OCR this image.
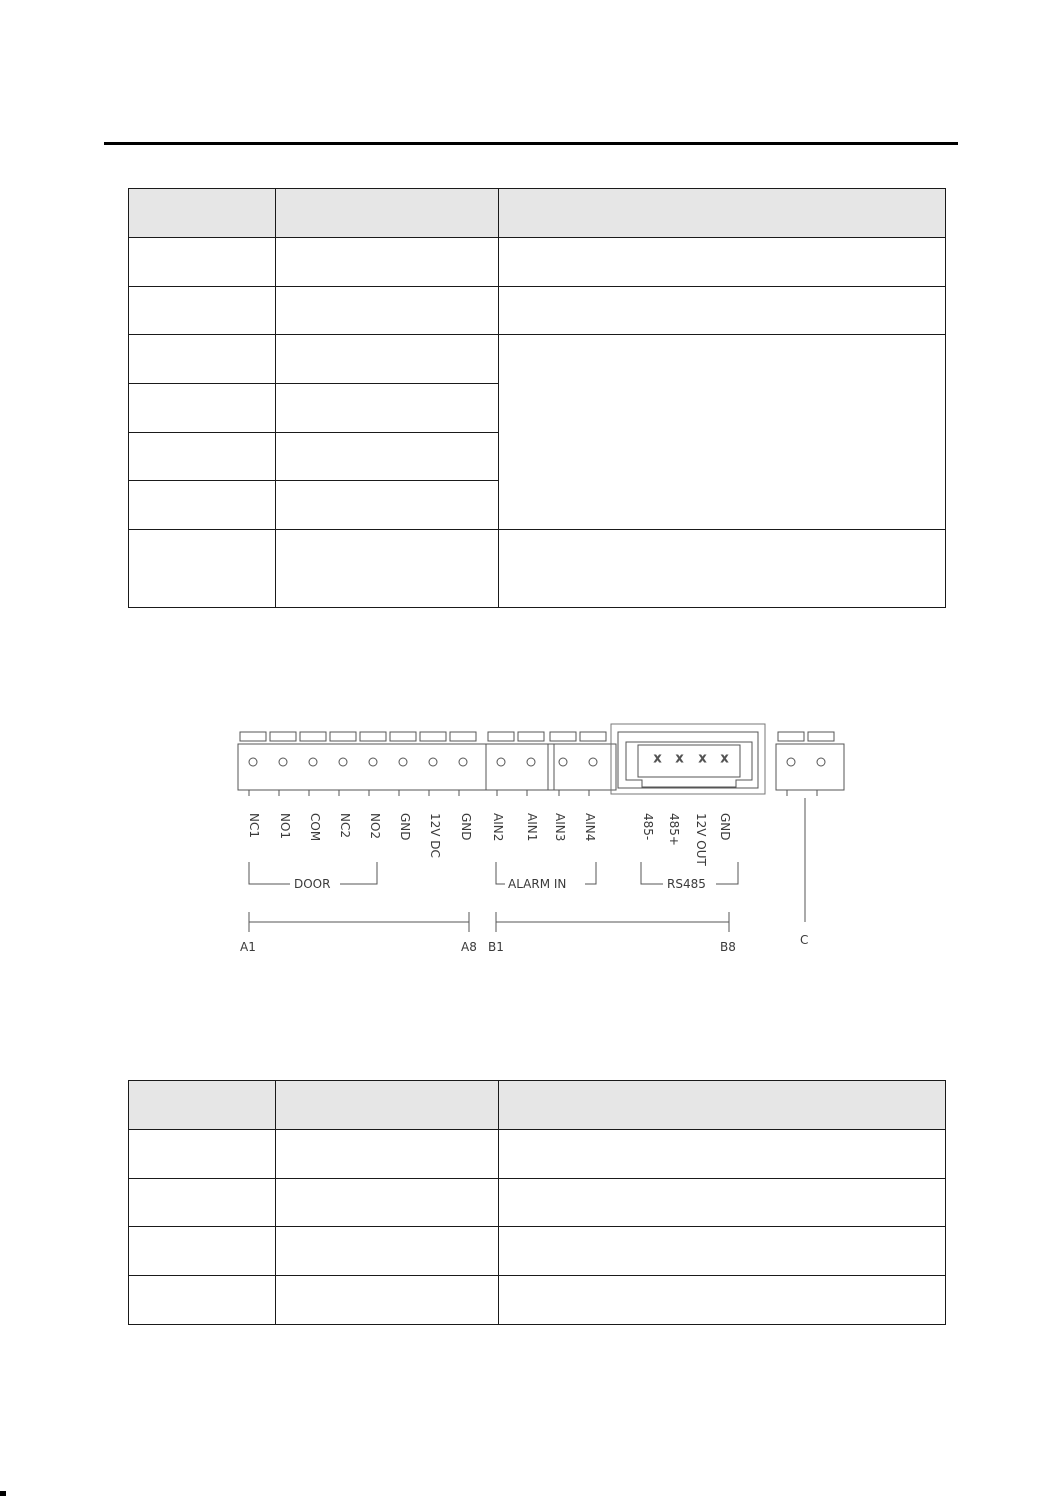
x x x x
NC1 NO1 COM NC2 NO2 GND 12V DC GND AIN2 AIN1 AIN3 AIN4	485- 485+ 12V OUT GND
DOOR	ALARM IN	RS485
A1	A8 B1	B8	C
